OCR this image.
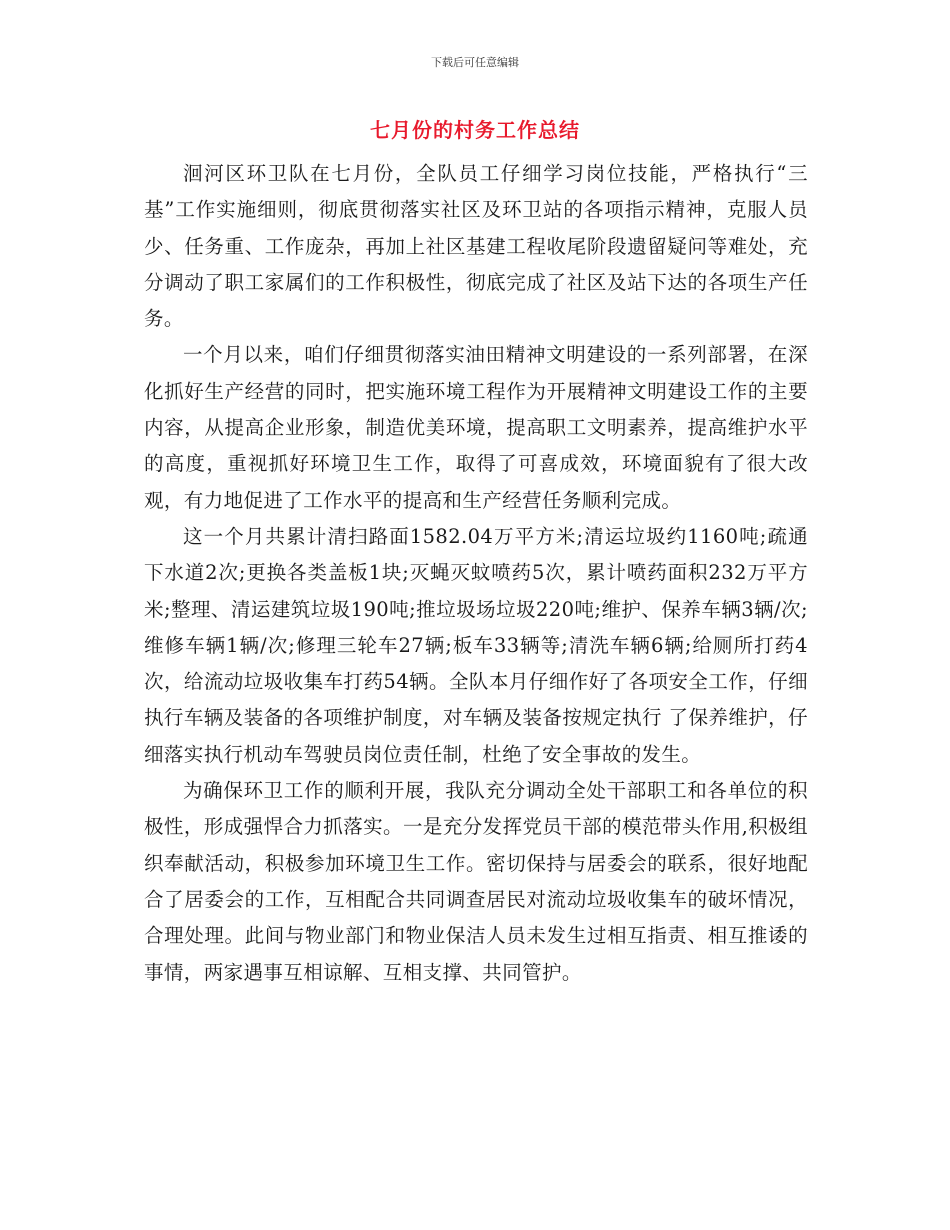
下载后可任意编辑
七月份的村务工作总结

洄河区环卫队在七月份，全队员工仔细学习岗位技能，严格执行“三基”工作实施细则，彻底贯彻落实社区及环卫站的各项指示精神，克服人员少、任务重、工作庞杂，再加上社区基建工程收尾阶段遗留疑问等难处，充分调动了职工家属们的工作积极性，彻底完成了社区及站下达的各项生产任务。

一个月以来，咱们仔细贯彻落实油田精神文明建设的一系列部署，在深化抓好生产经营的同时，把实施环境工程作为开展精神文明建设工作的主要内容，从提高企业形象，制造优美环境，提高职工文明素养，提高维护水平的高度，重视抓好环境卫生工作，取得了可喜成效，环境面貌有了很大改观，有力地促进了工作水平的提高和生产经营任务顺利完成。

这一个月共累计清扫路面1582.04万平方米;清运垃圾约1160吨;疏通下水道2次;更换各类盖板1块;灭蝇灭蚊喷药5次，累计喷药面积232万平方米;整理、清运建筑垃圾190吨;推垃圾场垃圾220吨;维护、保养车辆3辆/次;维修车辆1辆/次;修理三轮车27辆;板车33辆等;清洗车辆6辆;给厕所打药4次，给流动垃圾收集车打药54辆。全队本月仔细作好了各项安全工作，仔细执行车辆及装备的各项维护制度，对车辆及装备按规定执行 了保养维护，仔细落实执行机动车驾驶员岗位责任制，杜绝了安全事故的发生。

为确保环卫工作的顺利开展，我队充分调动全处干部职工和各单位的积极性，形成强悍合力抓落实。一是充分发挥党员干部的模范带头作用,积极组织奉献活动，积极参加环境卫生工作。密切保持与居委会的联系，很好地配合了居委会的工作，互相配合共同调查居民对流动垃圾收集车的破坏情况，合理处理。此间与物业部门和物业保洁人员未发生过相互指责、相互推诿的事情，两家遇事互相谅解、互相支撑、共同管护。
